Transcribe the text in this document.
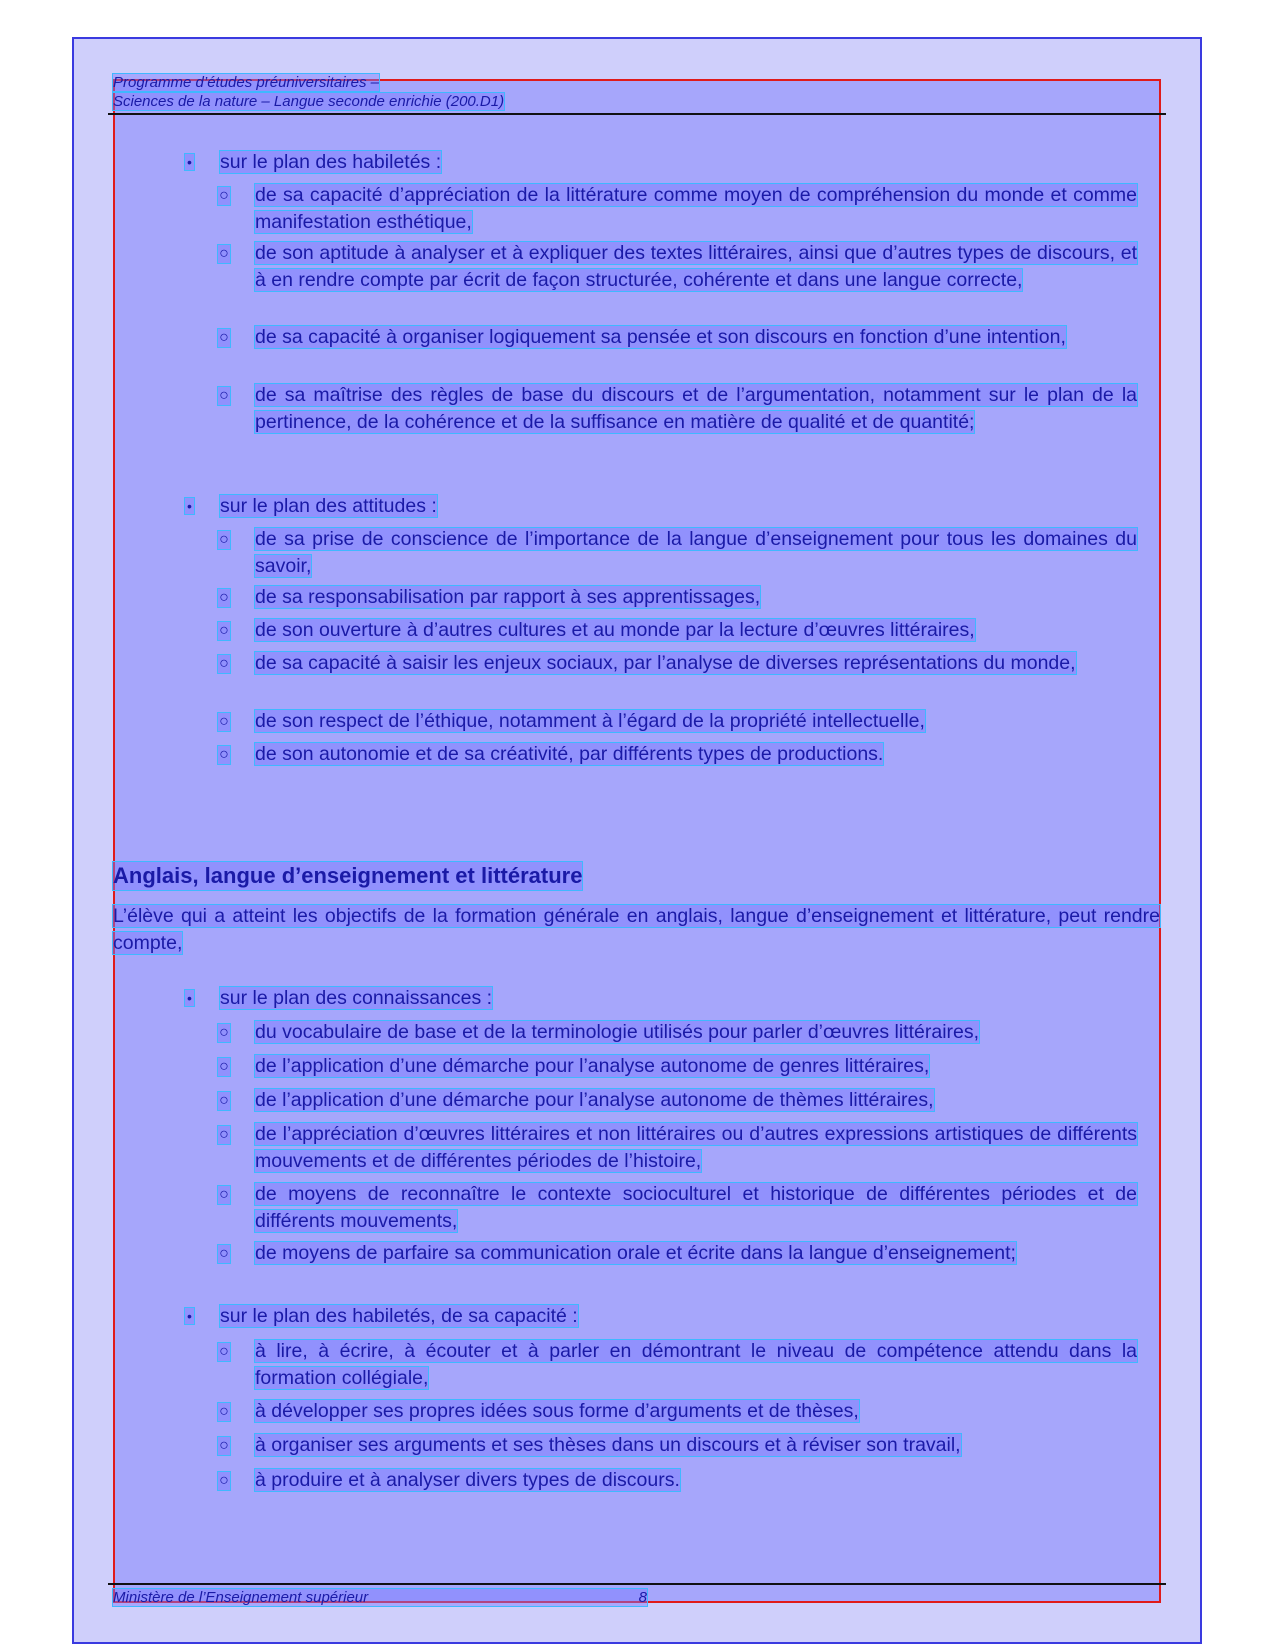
Programme d’études préuniversitaires –
Sciences de la nature – Langue seconde enrichie (200.D1)
• sur le plan des habiletés :
○ de sa capacité d’appréciation de la littérature comme moyen de compréhension du monde et comme manifestation esthétique,
○ de son aptitude à analyser et à expliquer des textes littéraires, ainsi que d’autres types de discours, et à en rendre compte par écrit de façon structurée, cohérente et dans une langue correcte,
○ de sa capacité à organiser logiquement sa pensée et son discours en fonction d’une intention,
○ de sa maîtrise des règles de base du discours et de l’argumentation, notamment sur le plan de la pertinence, de la cohérence et de la suffisance en matière de qualité et de quantité;
• sur le plan des attitudes :
○ de sa prise de conscience de l’importance de la langue d’enseignement pour tous les domaines du savoir,
○ de sa responsabilisation par rapport à ses apprentissages,
○ de son ouverture à d’autres cultures et au monde par la lecture d’œuvres littéraires,
○ de sa capacité à saisir les enjeux sociaux, par l’analyse de diverses représentations du monde,
○ de son respect de l’éthique, notamment à l’égard de la propriété intellectuelle,
○ de son autonomie et de sa créativité, par différents types de productions.
Anglais, langue d’enseignement et littérature
L’élève qui a atteint les objectifs de la formation générale en anglais, langue d’enseignement et littérature, peut rendre compte,
• sur le plan des connaissances :
○ du vocabulaire de base et de la terminologie utilisés pour parler d’œuvres littéraires,
○ de l’application d’une démarche pour l’analyse autonome de genres littéraires,
○ de l’application d’une démarche pour l’analyse autonome de thèmes littéraires,
○ de l’appréciation d’œuvres littéraires et non littéraires ou d’autres expressions artistiques de différents mouvements et de différentes périodes de l’histoire,
○ de moyens de reconnaître le contexte socioculturel et historique de différentes périodes et de différents mouvements,
○ de moyens de parfaire sa communication orale et écrite dans la langue d’enseignement;
• sur le plan des habiletés, de sa capacité :
○ à lire, à écrire, à écouter et à parler en démontrant le niveau de compétence attendu dans la formation collégiale,
○ à développer ses propres idées sous forme d’arguments et de thèses,
○ à organiser ses arguments et ses thèses dans un discours et à réviser son travail,
○ à produire et à analyser divers types de discours.
Ministère de l’Enseignement supérieur	8
